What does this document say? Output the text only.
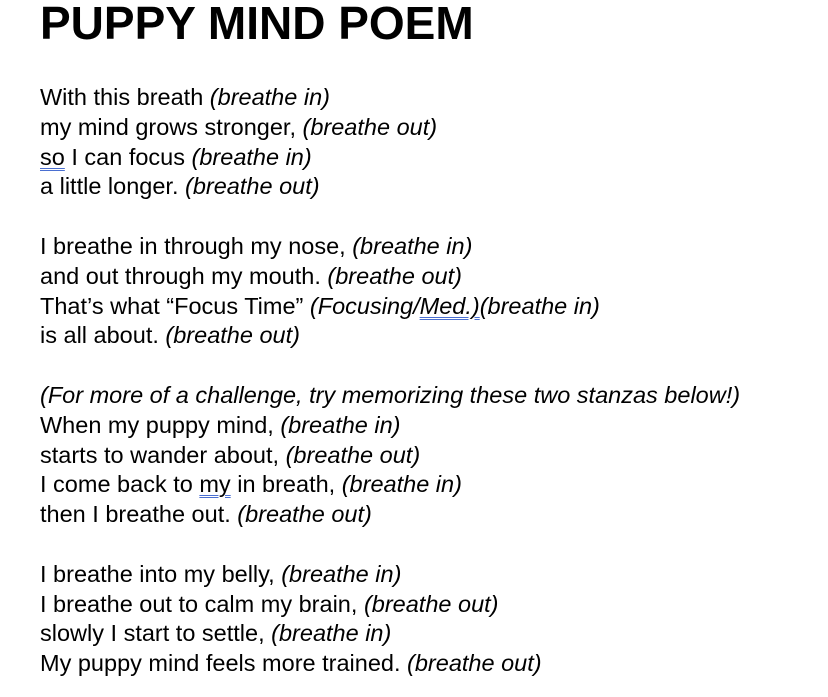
PUPPY MIND POEM
With this breath (breathe in)
my mind grows stronger, (breathe out)
so I can focus (breathe in)
a little longer. (breathe out)
I breathe in through my nose, (breathe in)
and out through my mouth. (breathe out)
That’s what “Focus Time” (Focusing/Med.)(breathe in)
is all about. (breathe out)
(For more of a challenge, try memorizing these two stanzas below!)
When my puppy mind, (breathe in)
starts to wander about, (breathe out)
I come back to my in breath, (breathe in)
then I breathe out. (breathe out)
I breathe into my belly, (breathe in)
I breathe out to calm my brain, (breathe out)
slowly I start to settle, (breathe in)
My puppy mind feels more trained. (breathe out)
